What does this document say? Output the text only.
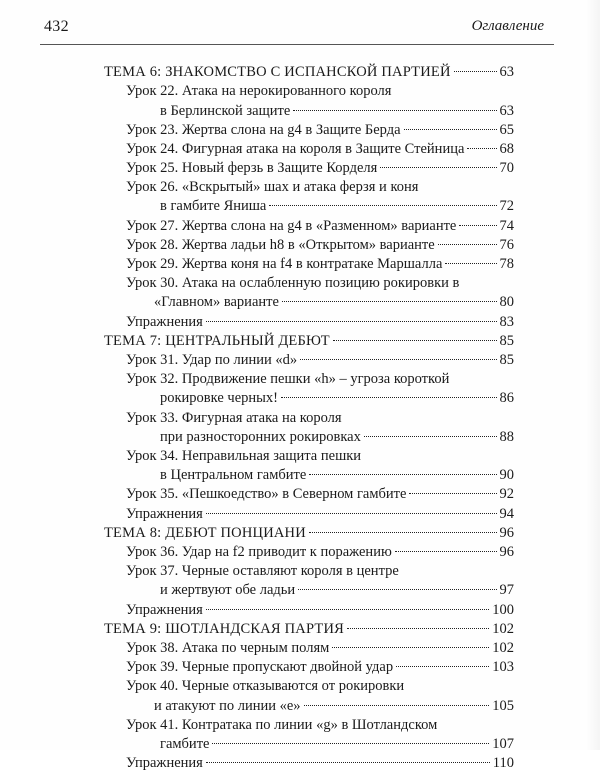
432	Оглавление
ТЕМА 6: ЗНАКОМСТВО С ИСПАНСКОЙ ПАРТИЕЙ	63
Урок 22. Атака на нерокированного короля
в Берлинской защите	63
Урок 23. Жертва слона на g4 в Защите Берда	65
Урок 24. Фигурная атака на короля в Защите Стейница 68
Урок 25. Новый ферзь в Защите Корделя	70
Урок 26. «Вскрытый» шах и атака ферзя и коня
в гамбите Яниша	72
Урок 27. Жертва слона на g4 в «Разменном» варианте	74
Урок 28. Жертва ладьи h8 в «Открытом» варианте	76
Урок 29. Жертва коня на f4 в контратаке Маршалла	78
Урок 30. Атака на ослабленную позицию рокировки в
«Главном» варианте	80
Упражнения	83
ТЕМА 7: ЦЕНТРАЛЬНЫЙ ДЕБЮТ	85
Урок 31. Удар по линии «d»	85
Урок 32. Продвижение пешки «h» – угроза короткой
рокировке черных!	86
Урок 33. Фигурная атака на короля
при разносторонних рокировках	88
Урок 34. Неправильная защита пешки
в Центральном гамбите	90
Урок 35. «Пешкоедство» в Северном гамбите	92
Упражнения	94
ТЕМА 8: ДЕБЮТ ПОНЦИАНИ	96
Урок 36. Удар на f2 приводит к поражению	96
Урок 37. Черные оставляют короля в центре
и жертвуют обе ладьи	97
Упражнения	100
ТЕМА 9: ШОТЛАНДСКАЯ ПАРТИЯ	102
Урок 38. Атака по черным полям	102
Урок 39. Черные пропускают двойной удар	103
Урок 40. Черные отказываются от рокировки
и атакуют по линии «е»	105
Урок 41. Контратака по линии «g» в Шотландском
гамбите	107
Упражнения	110
